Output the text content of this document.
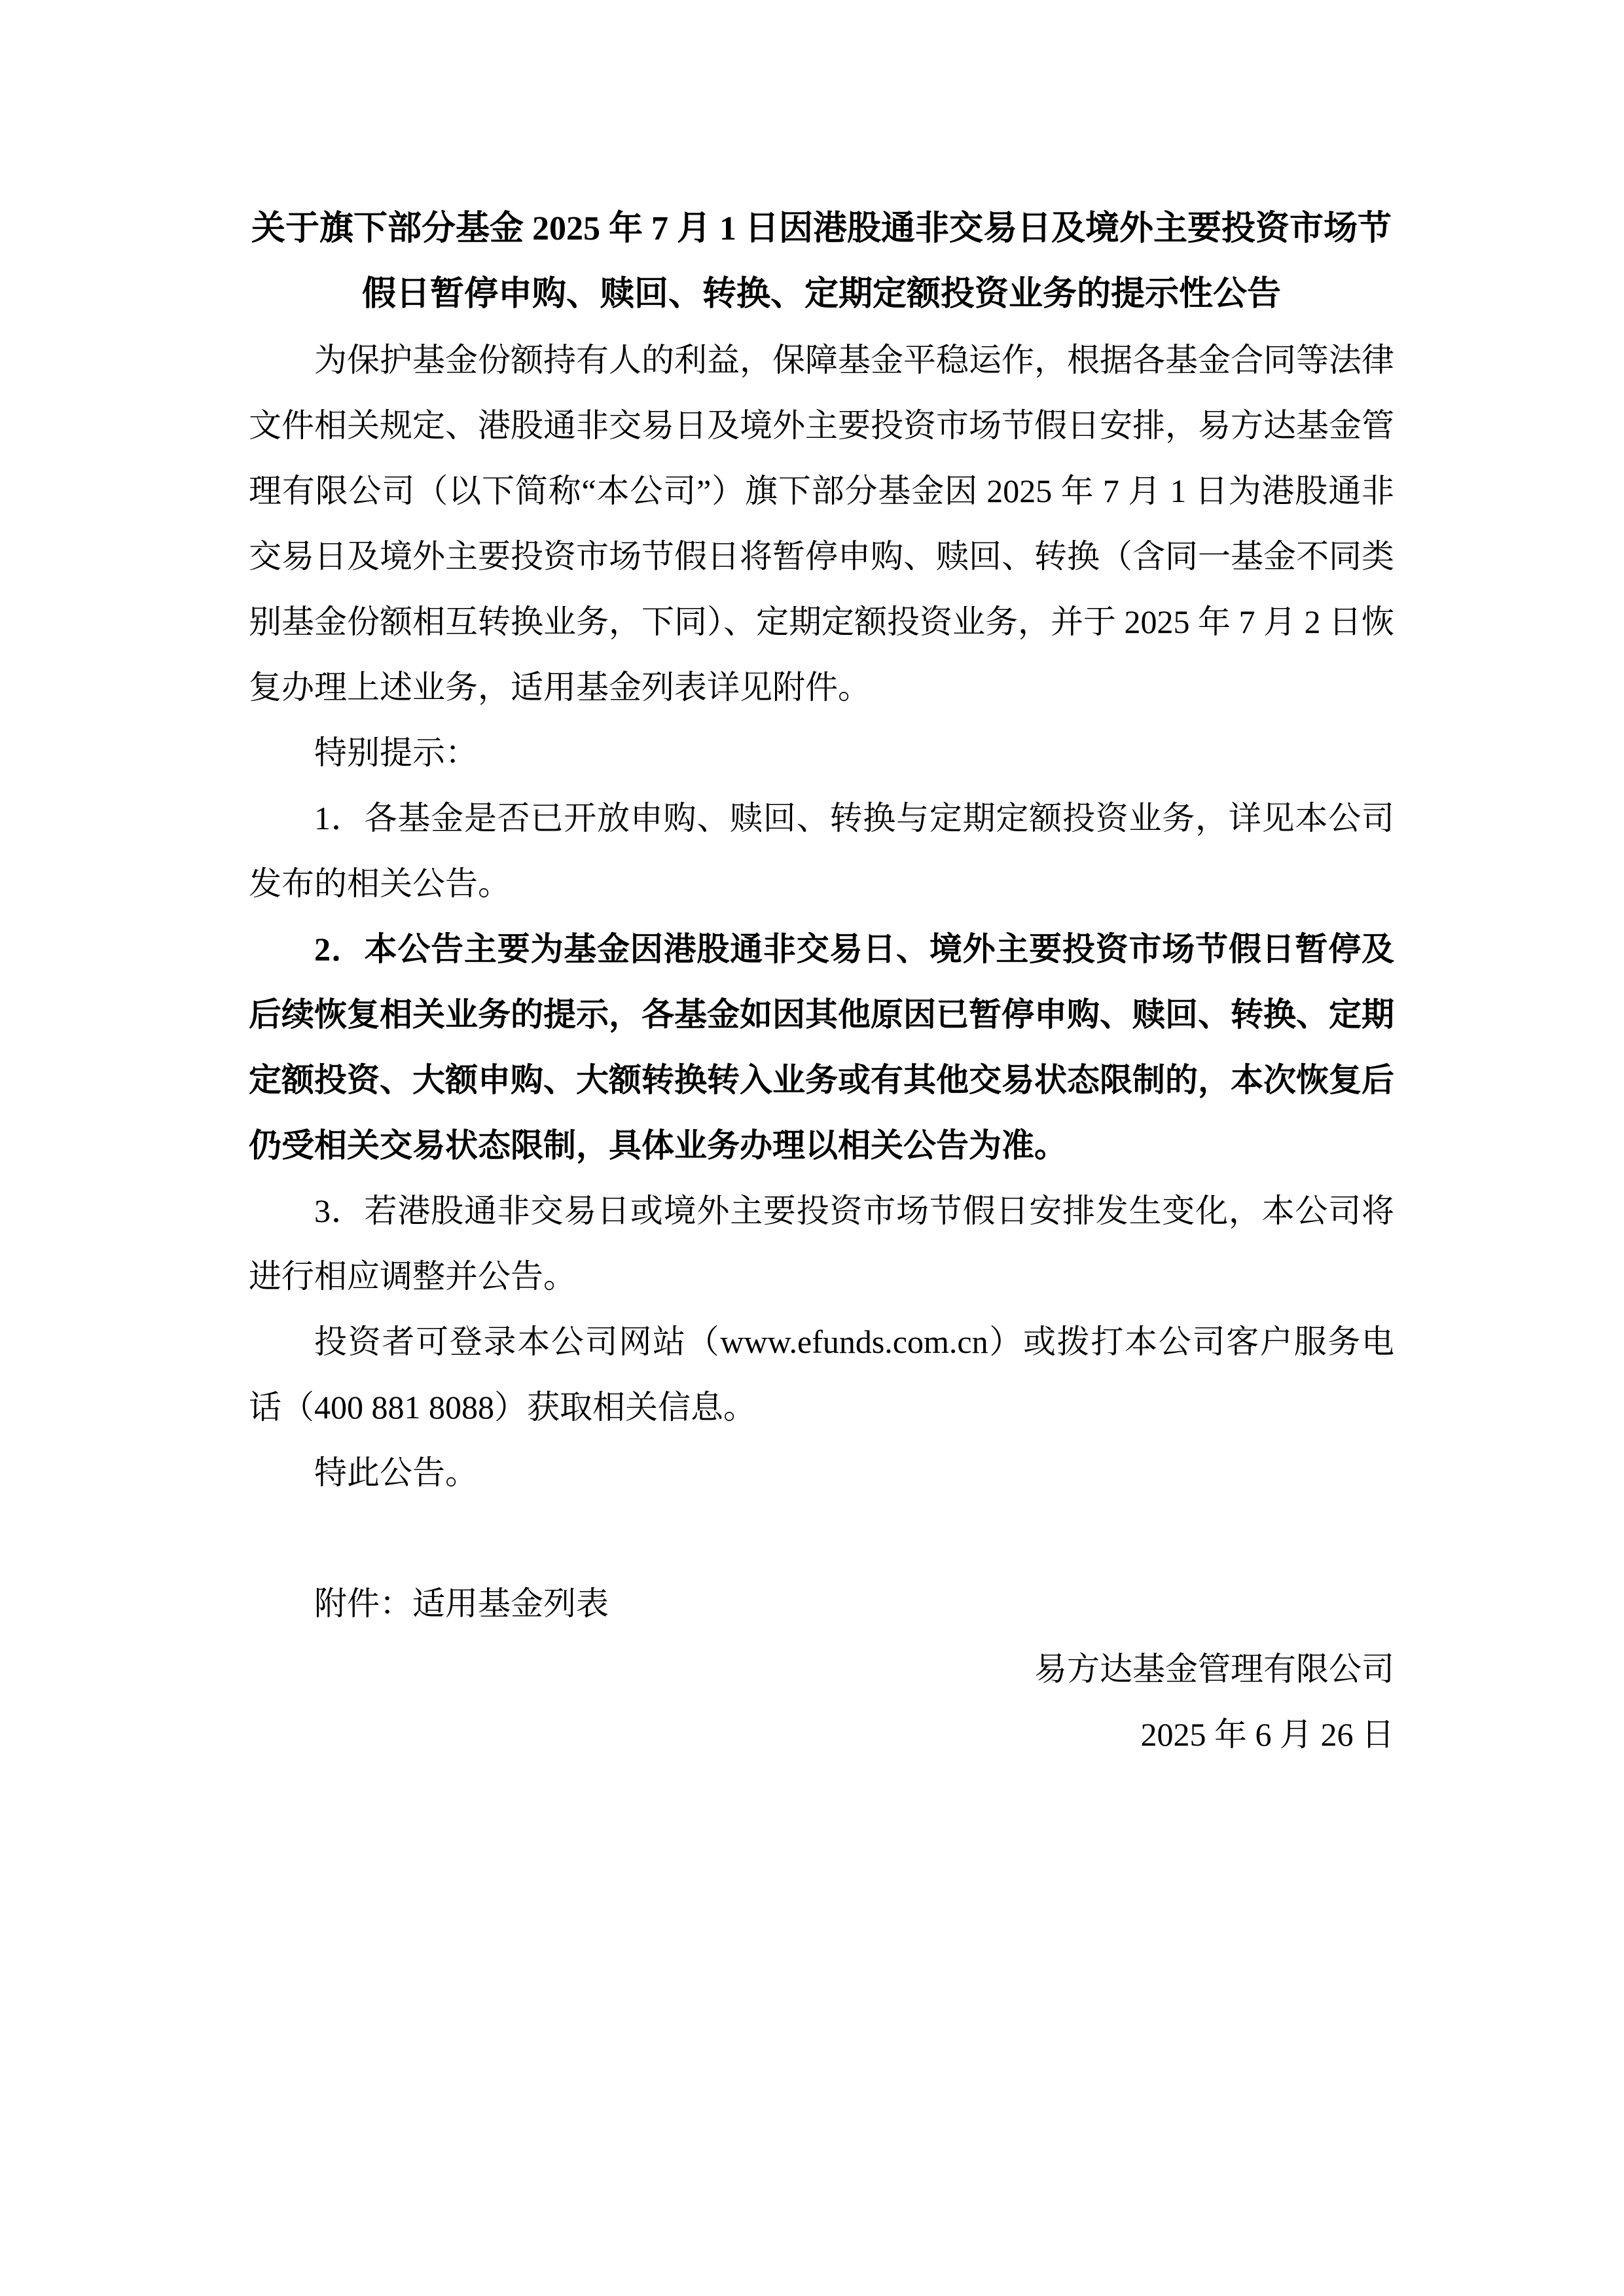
关于旗下部分基金 2025 年 7 月 1 日因港股通非交易日及境外主要投资市场节
假日暂停申购、赎回、转换、定期定额投资业务的提示性公告

为保护基金份额持有人的利益，保障基金平稳运作，根据各基金合同等法律文件相关规定、港股通非交易日及境外主要投资市场节假日安排，易方达基金管理有限公司（以下简称“本公司”）旗下部分基金因 2025 年 7 月 1 日为港股通非交易日及境外主要投资市场节假日将暂停申购、赎回、转换（含同一基金不同类别基金份额相互转换业务，下同）、定期定额投资业务，并于 2025 年 7 月 2 日恢复办理上述业务，适用基金列表详见附件。

特别提示：

1．各基金是否已开放申购、赎回、转换与定期定额投资业务，详见本公司发布的相关公告。

2．本公告主要为基金因港股通非交易日、境外主要投资市场节假日暂停及后续恢复相关业务的提示，各基金如因其他原因已暂停申购、赎回、转换、定期定额投资、大额申购、大额转换转入业务或有其他交易状态限制的，本次恢复后仍受相关交易状态限制，具体业务办理以相关公告为准。

3．若港股通非交易日或境外主要投资市场节假日安排发生变化，本公司将进行相应调整并公告。

投资者可登录本公司网站（www.efunds.com.cn）或拨打本公司客户服务电话（400 881 8088）获取相关信息。

特此公告。

附件：适用基金列表

易方达基金管理有限公司

2025 年 6 月 26 日
